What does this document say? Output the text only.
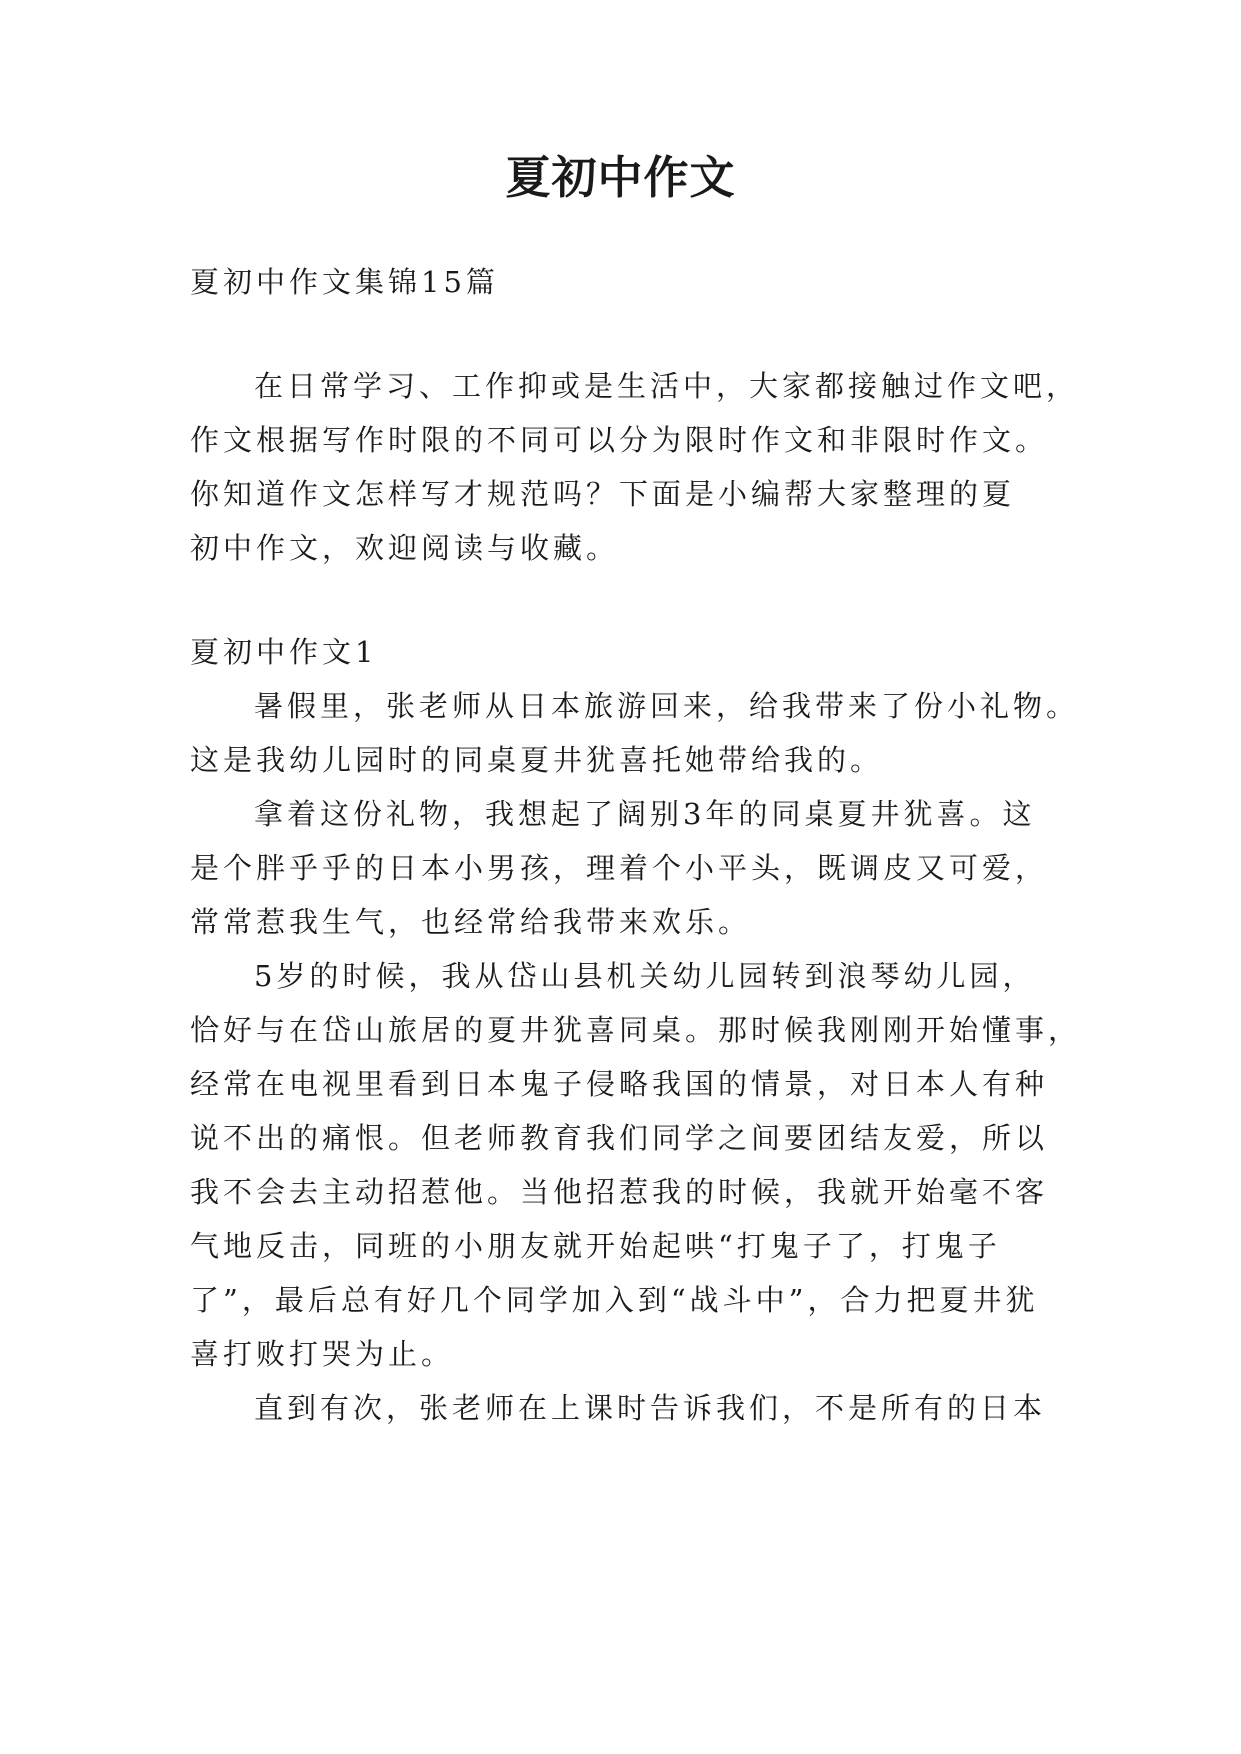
夏初中作文
夏初中作文集锦15篇
在日常学习、工作抑或是生活中，大家都接触过作文吧，
作文根据写作时限的不同可以分为限时作文和非限时作文。
你知道作文怎样写才规范吗？下面是小编帮大家整理的夏
初中作文，欢迎阅读与收藏。
夏初中作文1
暑假里，张老师从日本旅游回来，给我带来了份小礼物。
这是我幼儿园时的同桌夏井犹喜托她带给我的。
拿着这份礼物，我想起了阔别3年的同桌夏井犹喜。这
是个胖乎乎的日本小男孩，理着个小平头，既调皮又可爱，
常常惹我生气，也经常给我带来欢乐。
5岁的时候，我从岱山县机关幼儿园转到浪琴幼儿园，
恰好与在岱山旅居的夏井犹喜同桌。那时候我刚刚开始懂事，
经常在电视里看到日本鬼子侵略我国的情景，对日本人有种
说不出的痛恨。但老师教育我们同学之间要团结友爱，所以
我不会去主动招惹他。当他招惹我的时候，我就开始毫不客
气地反击，同班的小朋友就开始起哄“打鬼子了，打鬼子
了”，最后总有好几个同学加入到“战斗中”，合力把夏井犹
喜打败打哭为止。
直到有次，张老师在上课时告诉我们，不是所有的日本
